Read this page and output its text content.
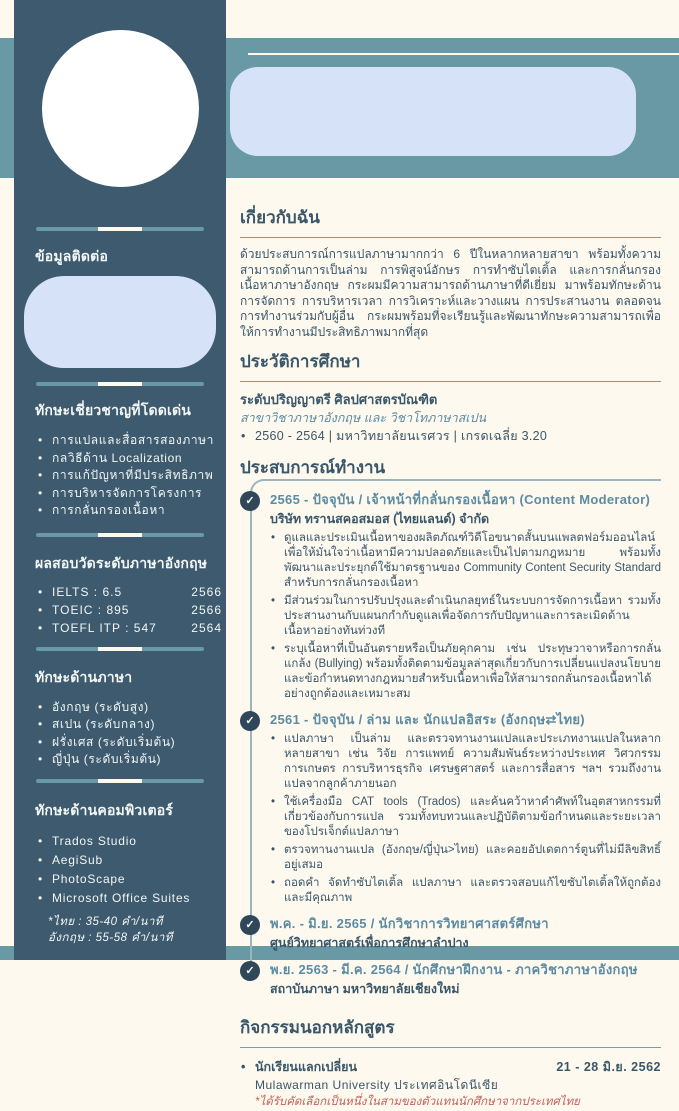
ข้อมูลติดต่อ
ทักษะเชี่ยวชาญที่โดดเด่น
• การแปลและสื่อสารสองภาษา
• กลวิธีด้าน Localization
• การแก้ปัญหาที่มีประสิทธิภาพ
• การบริหารจัดการโครงการ
• การกลั่นกรองเนื้อหา
ผลสอบวัดระดับภาษาอังกฤษ
• IELTS : 6.5	2566
• TOEIC : 895	2566
• TOEFL ITP : 547	2564
ทักษะด้านภาษา
• อังกฤษ (ระดับสูง)
• สเปน (ระดับกลาง)
• ฝรั่งเศส (ระดับเริ่มต้น)
• ญี่ปุ่น (ระดับเริ่มต้น)
ทักษะด้านคอมพิวเตอร์
• Trados Studio
• AegiSub
• PhotoScape
• Microsoft Office Suites
*ไทย : 35-40 คำ/นาที
อังกฤษ : 55-58 คำ/นาที
เกี่ยวกับฉัน

ด้วยประสบการณ์การแปลภาษามากกว่า 6 ปีในหลากหลายสาขา พร้อมทั้งความสามารถด้านการเป็นล่าม การพิสูจน์อักษร การทำซับไตเติ้ล และการกลั่นกรองเนื้อหาภาษาอังกฤษ กระผมมีความสามารถด้านภาษาที่ดีเยี่ยม มาพร้อมทักษะด้านการจัดการ การบริหารเวลา การวิเคราะห์และวางแผน การประสานงาน ตลอดจนการทำงานร่วมกับผู้อื่น กระผมพร้อมที่จะเรียนรู้และพัฒนาทักษะความสามารถเพื่อให้การทำงานมีประสิทธิภาพมากที่สุด

ประวัติการศึกษา
ระดับปริญญาตรี ศิลปศาสตรบัณฑิต
สาขาวิชาภาษาอังกฤษ และ วิชาโทภาษาสเปน
• 2560 - 2564 | มหาวิทยาลัยนเรศวร | เกรดเฉลี่ย 3.20
ประสบการณ์ทำงาน
✓
2565 - ปัจจุบัน / เจ้าหน้าที่กลั่นกรองเนื้อหา (Content Moderator)
บริษัท ทรานสคอสมอส (ไทยแลนด์) จำกัด
• ดูแลและประเมินเนื้อหาของผลิตภัณฑ์วิดีโอขนาดสั้นบนแพลตฟอร์มออนไลน์เพื่อให้มั่นใจว่าเนื้อหามีความปลอดภัยและเป็นไปตามกฎหมาย พร้อมทั้งพัฒนาและประยุกต์ใช้มาตรฐานของ Community Content Security Standard สำหรับการกลั่นกรองเนื้อหา
• มีส่วนร่วมในการปรับปรุงและดำเนินกลยุทธ์ในระบบการจัดการเนื้อหา รวมทั้งประสานงานกับแผนกกำกับดูแลเพื่อจัดการกับปัญหาและการละเมิดด้านเนื้อหาอย่างทันท่วงที
• ระบุเนื้อหาที่เป็นอันตรายหรือเป็นภัยคุกคาม เช่น ประทุษวาจาหรือการกลั่นแกล้ง (Bullying) พร้อมทั้งติดตามข้อมูลล่าสุดเกี่ยวกับการเปลี่ยนแปลงนโยบายและข้อกำหนดทางกฎหมายสำหรับเนื้อหาเพื่อให้สามารถกลั่นกรองเนื้อหาได้อย่างถูกต้องและเหมาะสม
✓
2561 - ปัจจุบัน / ล่าม และ นักแปลอิสระ (อังกฤษ⇄ไทย)
• แปลภาษา เป็นล่าม และตรวจทานงานแปลและประเภทงานแปลในหลากหลายสาขา เช่น วิจัย การแพทย์ ความสัมพันธ์ระหว่างประเทศ วิศวกรรม การเกษตร การบริหารธุรกิจ เศรษฐศาสตร์ และการสื่อสาร ฯลฯ รวมถึงงานแปลจากลูกค้าภายนอก
• ใช้เครื่องมือ CAT tools (Trados) และค้นคว้าหาคำศัพท์ในอุตสาหกรรมที่เกี่ยวข้องกับการแปล รวมทั้งทบทวนและปฏิบัติตามข้อกำหนดและระยะเวลาของโปรเจ็กต์แปลภาษา
• ตรวจทานงานแปล (อังกฤษ/ญี่ปุ่น>ไทย) และคอยอัปเดตการ์ตูนที่ไม่มีลิขสิทธิ์อยู่เสมอ
• ถอดคำ จัดทำซับไตเติ้ล แปลภาษา และตรวจสอบแก้ไขซับไตเติ้ลให้ถูกต้องและมีคุณภาพ
✓
พ.ค. - มิ.ย. 2565 / นักวิชาการวิทยาศาสตร์ศึกษา
ศูนย์วิทยาศาสตร์เพื่อการศึกษาลำปาง
✓
พ.ย. 2563 - มี.ค. 2564 / นักศึกษาฝึกงาน - ภาควิชาภาษาอังกฤษ
สถาบันภาษา มหาวิทยาลัยเชียงใหม่
กิจกรรมนอกหลักสูตร
• นักเรียนแลกเปลี่ยน	21 - 28 มิ.ย. 2562
Mulawarman University ประเทศอินโดนีเซีย
*ได้รับคัดเลือกเป็นหนึ่งในสามของตัวแทนนักศึกษาจากประเทศไทย
